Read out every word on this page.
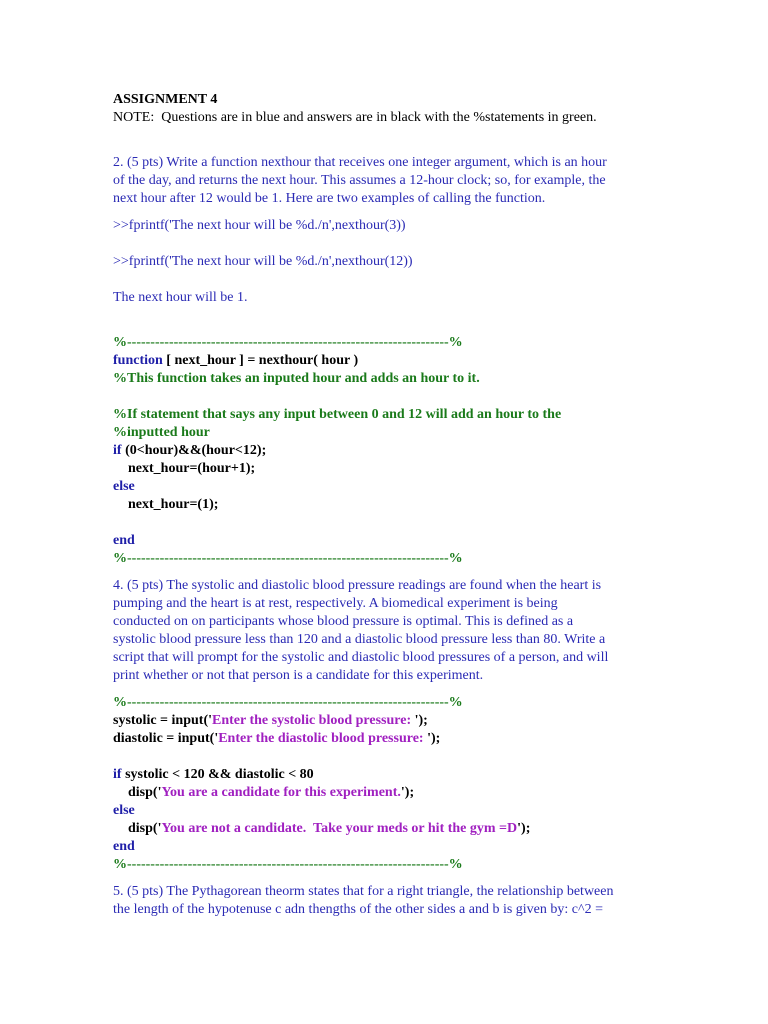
ASSIGNMENT 4
NOTE:  Questions are in blue and answers are in black with the %statements in green.
2. (5 pts) Write a function nexthour that receives one integer argument, which is an hour
of the day, and returns the next hour. This assumes a 12-hour clock; so, for example, the
next hour after 12 would be 1. Here are two examples of calling the function.
>>fprintf('The next hour will be %d./n',nexthour(3))
>>fprintf('The next hour will be %d./n',nexthour(12))
The next hour will be 1.
%---------------------------------------------------------------------%
function [ next_hour ] = nexthour( hour )
%This function takes an inputed hour and adds an hour to it.
%If statement that says any input between 0 and 12 will add an hour to the
%inputted hour
if (0<hour)&&(hour<12);
next_hour=(hour+1);
else
next_hour=(1);
end
%---------------------------------------------------------------------%
4. (5 pts) The systolic and diastolic blood pressure readings are found when the heart is
pumping and the heart is at rest, respectively. A biomedical experiment is being
conducted on on participants whose blood pressure is optimal. This is defined as a
systolic blood pressure less than 120 and a diastolic blood pressure less than 80. Write a
script that will prompt for the systolic and diastolic blood pressures of a person, and will
print whether or not that person is a candidate for this experiment.
%---------------------------------------------------------------------%
systolic = input('Enter the systolic blood pressure: ');
diastolic = input('Enter the diastolic blood pressure: ');
if systolic < 120 && diastolic < 80
disp('You are a candidate for this experiment.');
else
disp('You are not a candidate.  Take your meds or hit the gym =D');
end
%---------------------------------------------------------------------%
5. (5 pts) The Pythagorean theorm states that for a right triangle, the relationship between
the length of the hypotenuse c adn thengths of the other sides a and b is given by: c^2 =
